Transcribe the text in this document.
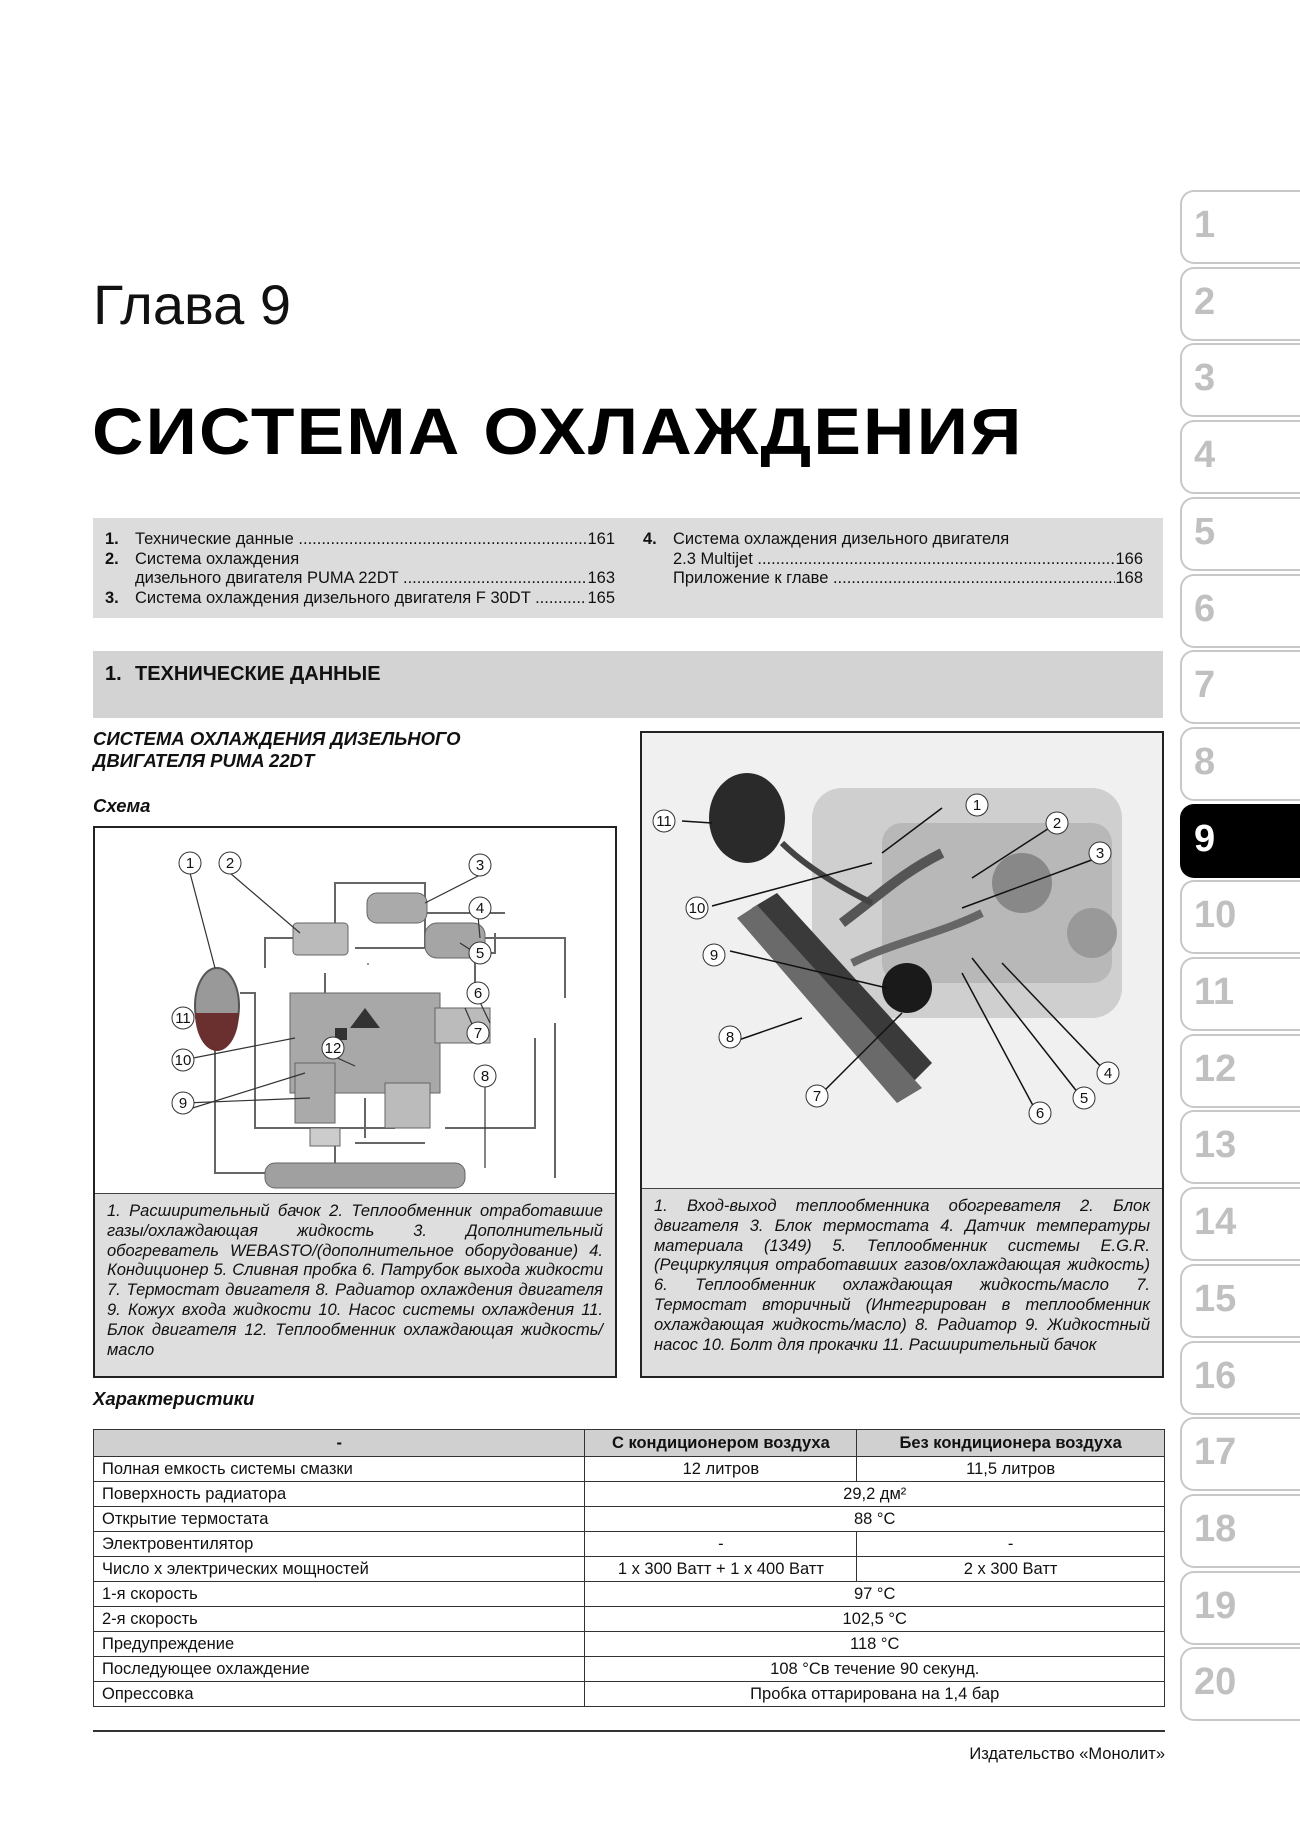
Глава 9
СИСТЕМА ОХЛАЖДЕНИЯ
1. Технические данные .....	161
2. Система охлаждения
дизельного двигателя PUMA 22DT .....	163
3. Система охлаждения дизельного двигателя F 30DT .....	165
4. Система охлаждения дизельного двигателя
2.3 Multijet .....	166
Приложение к главе .....	168
1. ТЕХНИЧЕСКИЕ ДАННЫЕ
СИСТЕМА ОХЛАЖДЕНИЯ ДИЗЕЛЬНОГО
ДВИГАТЕЛЯ PUMA 22DT
Схема
1 2	3
4
5
6
7
8
9
10
11
12
1. Расширительный бачок 2. Теплообменник отработавшие газы/охлаждающая жидкость 3. Дополнительный обогреватель WEBASTO/(дополнительное оборудование) 4. Кондиционер 5. Сливная пробка 6. Патрубок выхода жидкости 7. Термостат двигателя 8. Радиатор охлаждения двигателя 9. Кожух входа жидкости 10. Насос системы охлаждения 11. Блок двигателя 12. Теплообменник охлаждающая жидкость/масло
1
2
3
4
5
6
7
8
9
10
11
1. Вход-выход теплообменника обогревателя 2. Блок двигателя 3. Блок термостата 4. Датчик температуры материала (1349) 5. Теплообменник системы E.G.R. (Рециркуляция отработавших газов/охлаждающая жидкость) 6. Теплообменник охлаждающая жидкость/масло 7. Термостат вторичный (Интегрирован в теплообменник охлаждающая жидкость/масло) 8. Радиатор 9. Жидкостный насос 10. Болт для прокачки 11. Расширительный бачок
Характеристики
-	С кондиционером воздуха	Без кондиционера воздуха
Полная емкость системы смазки	12 литров	11,5 литров
Поверхность радиатора	29,2 дм²	
Открытие термостата	88 °C	
Электровентилятор	-	-
Число x электрических мощностей	1 x 300 Ватт + 1 x 400 Ватт	2 x 300 Ватт
1-я скорость	97 °C	
2-я скорость	102,5 °C	
Предупреждение	118 °C	
Последующее охлаждение	108 °Cв течение 90 секунд.	
Опрессовка	Пробка оттарирована на 1,4 бар	
1
2
3
4
5
6
7
8
9
10
11
12
13
14
15
16
17
18
19
20
Издательство «Монолит»
